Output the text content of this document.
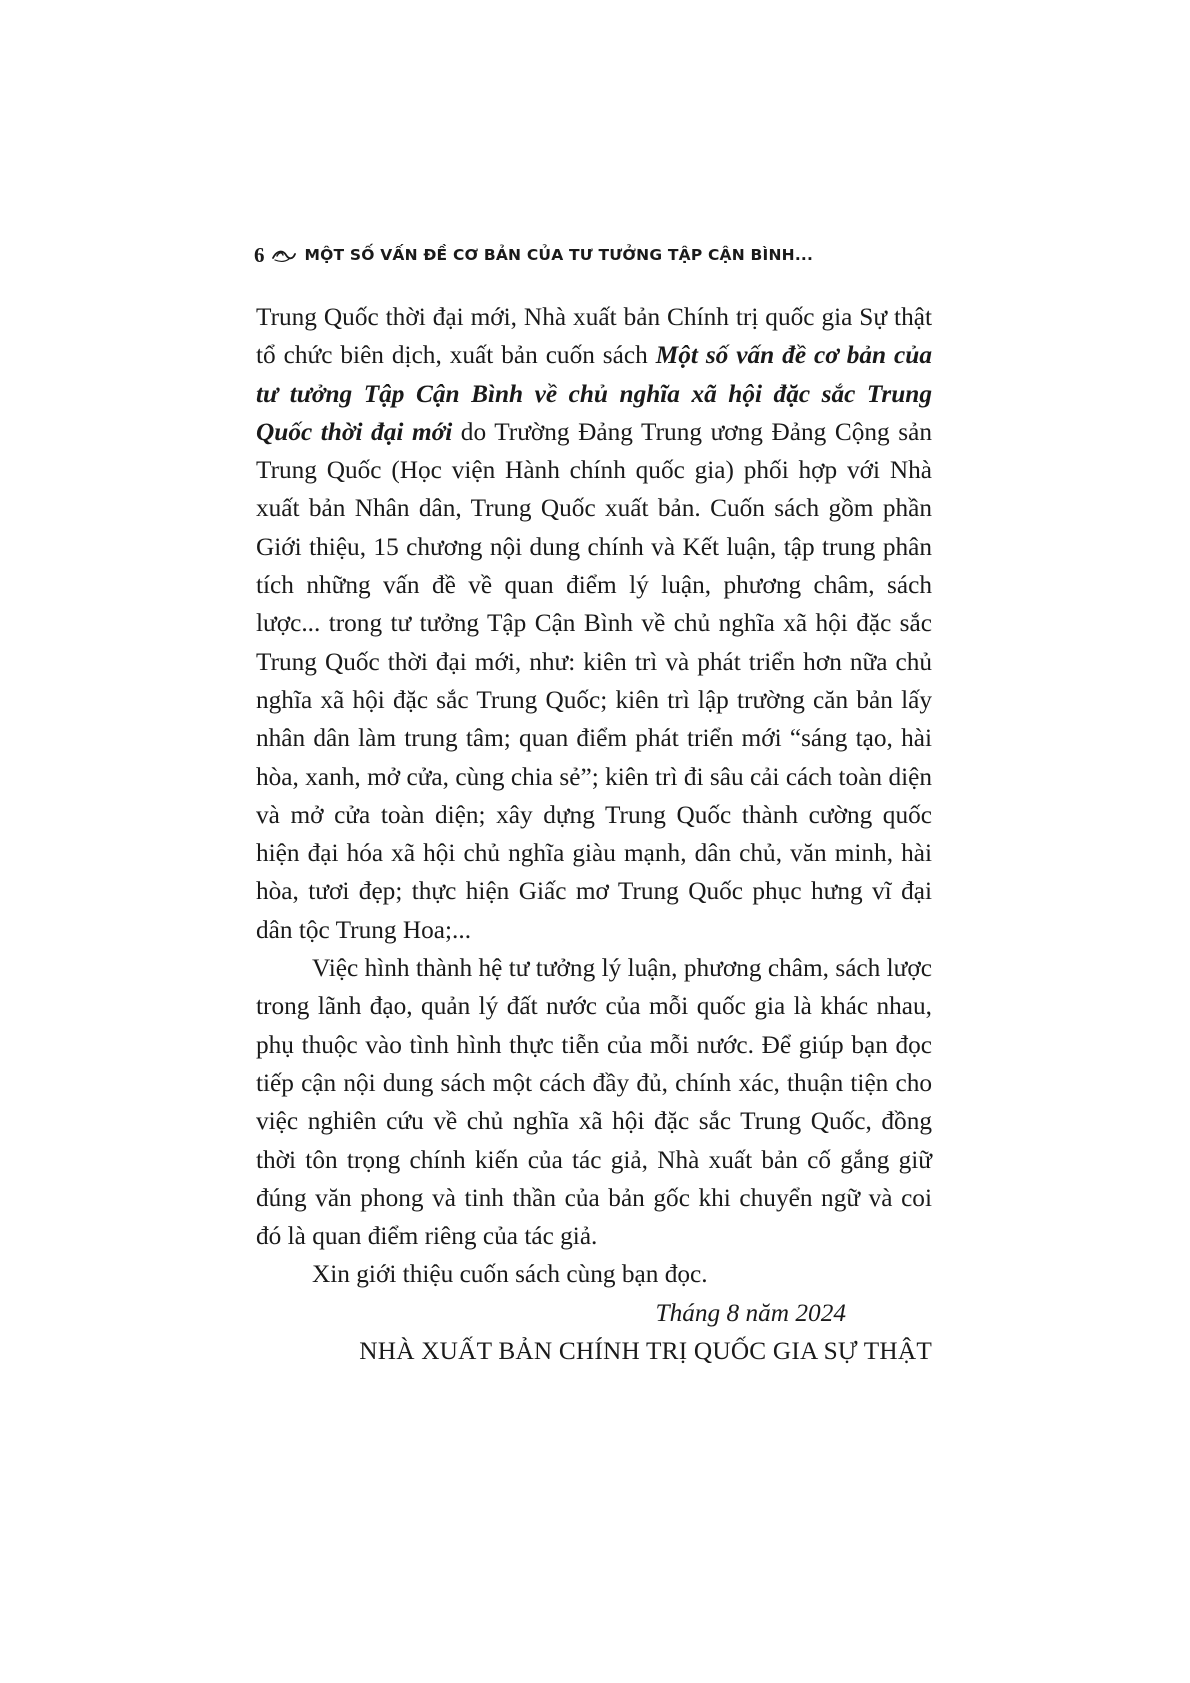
6	MỘT SỐ VẤN ĐỀ CƠ BẢN CỦA TƯ TƯỞNG TẬP CẬN BÌNH...

Trung Quốc thời đại mới, Nhà xuất bản Chính trị quốc gia Sự thật tổ chức biên dịch, xuất bản cuốn sách Một số vấn đề cơ bản của tư tưởng Tập Cận Bình về chủ nghĩa xã hội đặc sắc Trung Quốc thời đại mới do Trường Đảng Trung ương Đảng Cộng sản Trung Quốc (Học viện Hành chính quốc gia) phối hợp với Nhà xuất bản Nhân dân, Trung Quốc xuất bản. Cuốn sách gồm phần Giới thiệu, 15 chương nội dung chính và Kết luận, tập trung phân tích những vấn đề về quan điểm lý luận, phương châm, sách lược... trong tư tưởng Tập Cận Bình về chủ nghĩa xã hội đặc sắc Trung Quốc thời đại mới, như: kiên trì và phát triển hơn nữa chủ nghĩa xã hội đặc sắc Trung Quốc; kiên trì lập trường căn bản lấy nhân dân làm trung tâm; quan điểm phát triển mới “sáng tạo, hài hòa, xanh, mở cửa, cùng chia sẻ”; kiên trì đi sâu cải cách toàn diện và mở cửa toàn diện; xây dựng Trung Quốc thành cường quốc hiện đại hóa xã hội chủ nghĩa giàu mạnh, dân chủ, văn minh, hài hòa, tươi đẹp; thực hiện Giấc mơ Trung Quốc phục hưng vĩ đại dân tộc Trung Hoa;...

Việc hình thành hệ tư tưởng lý luận, phương châm, sách lược trong lãnh đạo, quản lý đất nước của mỗi quốc gia là khác nhau, phụ thuộc vào tình hình thực tiễn của mỗi nước. Để giúp bạn đọc tiếp cận nội dung sách một cách đầy đủ, chính xác, thuận tiện cho việc nghiên cứu về chủ nghĩa xã hội đặc sắc Trung Quốc, đồng thời tôn trọng chính kiến của tác giả, Nhà xuất bản cố gắng giữ đúng văn phong và tinh thần của bản gốc khi chuyển ngữ và coi đó là quan điểm riêng của tác giả.

Xin giới thiệu cuốn sách cùng bạn đọc.

Tháng 8 năm 2024
NHÀ XUẤT BẢN CHÍNH TRỊ QUỐC GIA SỰ THẬT
